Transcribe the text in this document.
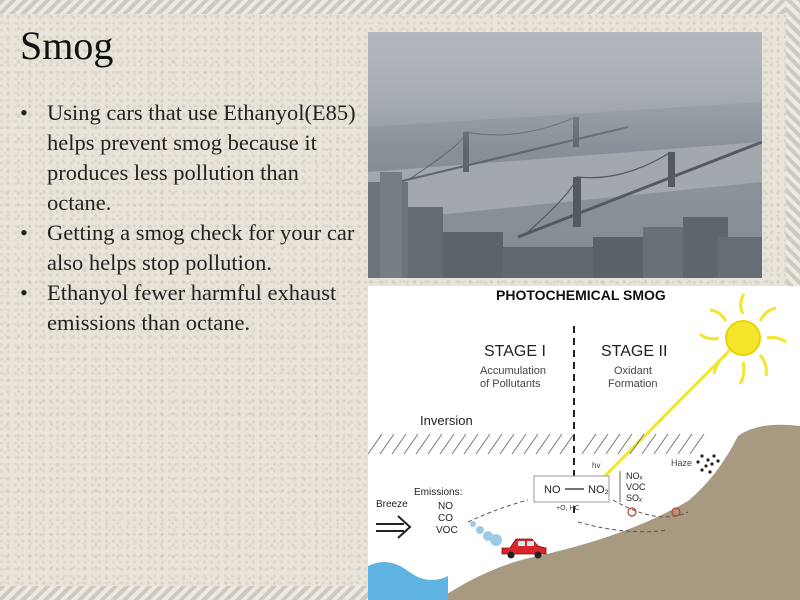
Smog
• Using cars that use Ethanyol(E85) helps prevent smog because it produces less pollution than octane.
• Getting a smog check for your car also helps stop pollution.
• Ethanyol fewer harmful exhaust emissions than octane.
PHOTOCHEMICAL SMOG
STAGE I
Accumulation
of Pollutants
STAGE II
Oxidant
Formation
Inversion
Breeze
Emissions:
NO
CO
VOC
NO	NO₂
+O, HC
hv
NOₓ
VOC
SOₓ
Haze
